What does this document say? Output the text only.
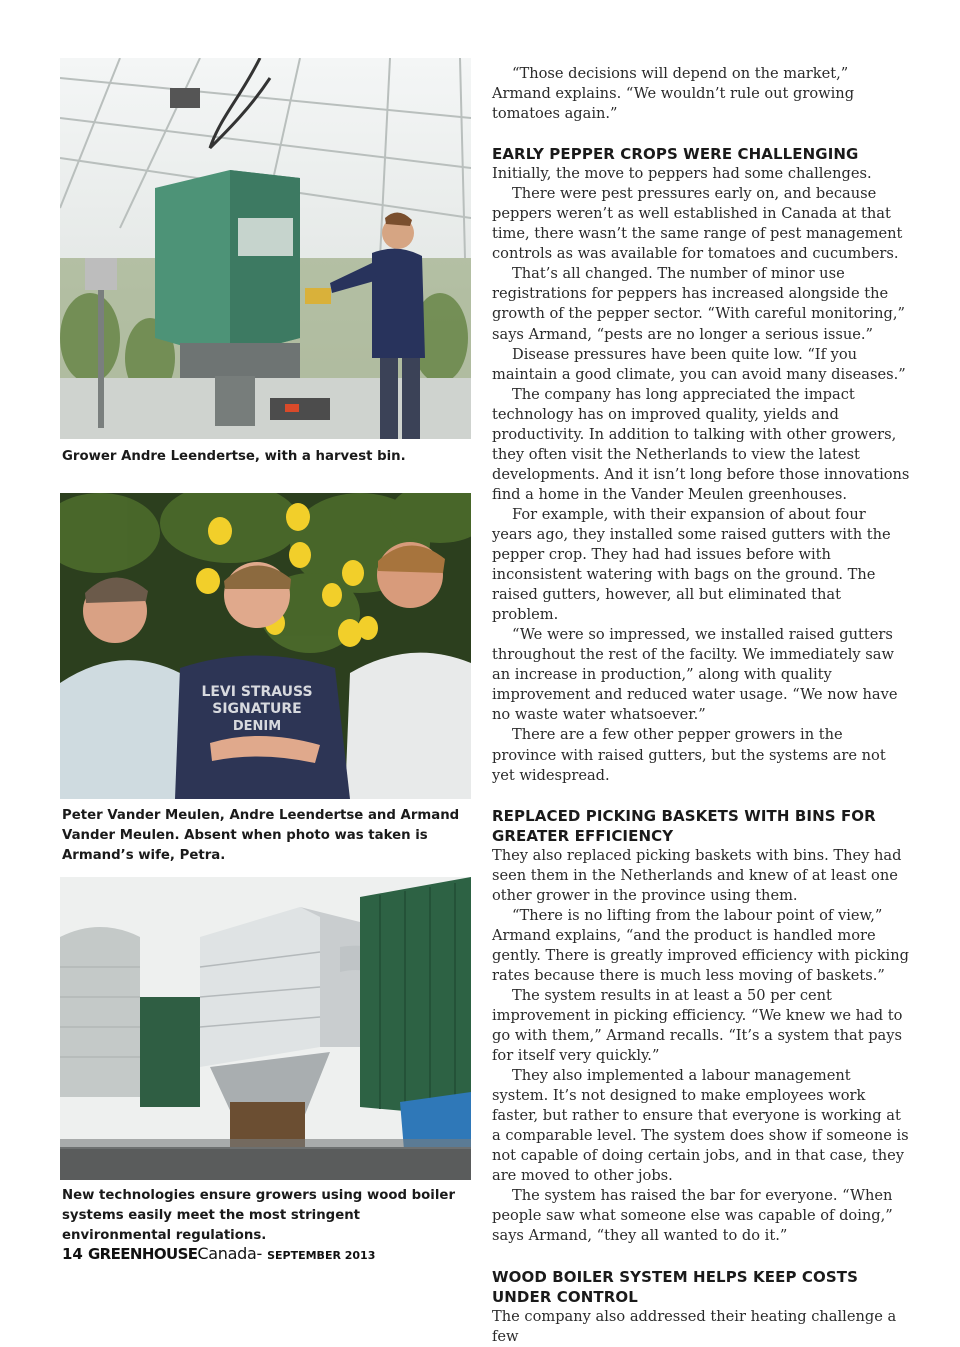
Grower Andre Leendertse, with a harvest bin.
LEVI STRAUSS
SIGNATURE
DENIM
Peter Vander Meulen, Andre Leendertse and Armand Vander Meulen. Absent when photo was taken is Armand’s wife, Petra.
New technologies ensure growers using wood boiler systems easily meet the most stringent environmental regulations.

“Those decisions will depend on the market,” Armand explains. “We wouldn’t rule out growing tomatoes again.”

EARLY PEPPER CROPS WERE CHALLENGING

Initially, the move to peppers had some challenges.

There were pest pressures early on, and because peppers weren’t as well established in Canada at that time, there wasn’t the same range of pest management controls as was available for tomatoes and cucumbers.

That’s all changed. The number of minor use registrations for peppers has increased alongside the growth of the pepper sector. “With careful monitoring,” says Armand, “pests are no longer a serious issue.”

Disease pressures have been quite low. “If you maintain a good climate, you can avoid many diseases.”

The company has long appreciated the impact technology has on improved quality, yields and productivity. In addition to talking with other growers, they often visit the Netherlands to view the latest developments. And it isn’t long before those innovations find a home in the Vander Meulen greenhouses.

For example, with their expansion of about four years ago, they installed some raised gutters with the pepper crop. They had had issues before with inconsistent watering with bags on the ground. The raised gutters, however, all but eliminated that problem.

“We were so impressed, we installed raised gutters throughout the rest of the facilty. We immediately saw an increase in production,” along with quality improvement and reduced water usage. “We now have no waste water whatsoever.”

There are a few other pepper growers in the province with raised gutters, but the systems are not yet widespread.

REPLACED PICKING BASKETS WITH BINS FOR GREATER EFFICIENCY

They also replaced picking baskets with bins. They had seen them in the Netherlands and knew of at least one other grower in the province using them.

“There is no lifting from the labour point of view,” Armand explains, “and the product is handled more gently. There is greatly improved efficiency with picking rates because there is much less moving of baskets.”

The system results in at least a 50 per cent improvement in picking efficiency. “We knew we had to go with them,” Armand recalls. “It’s a system that pays for itself very quickly.”

They also implemented a labour management system. It’s not designed to make employees work faster, but rather to ensure that everyone is working at a comparable level. The system does show if someone is not capable of doing certain jobs, and in that case, they are moved to other jobs.

The system has raised the bar for everyone. “When people saw what someone else was capable of doing,” says Armand, “they all wanted to do it.”

WOOD BOILER SYSTEM HELPS KEEP COSTS UNDER CONTROL

The company also addressed their heating challenge a few

14 GREENHOUSECanada- SEPTEMBER 2013
